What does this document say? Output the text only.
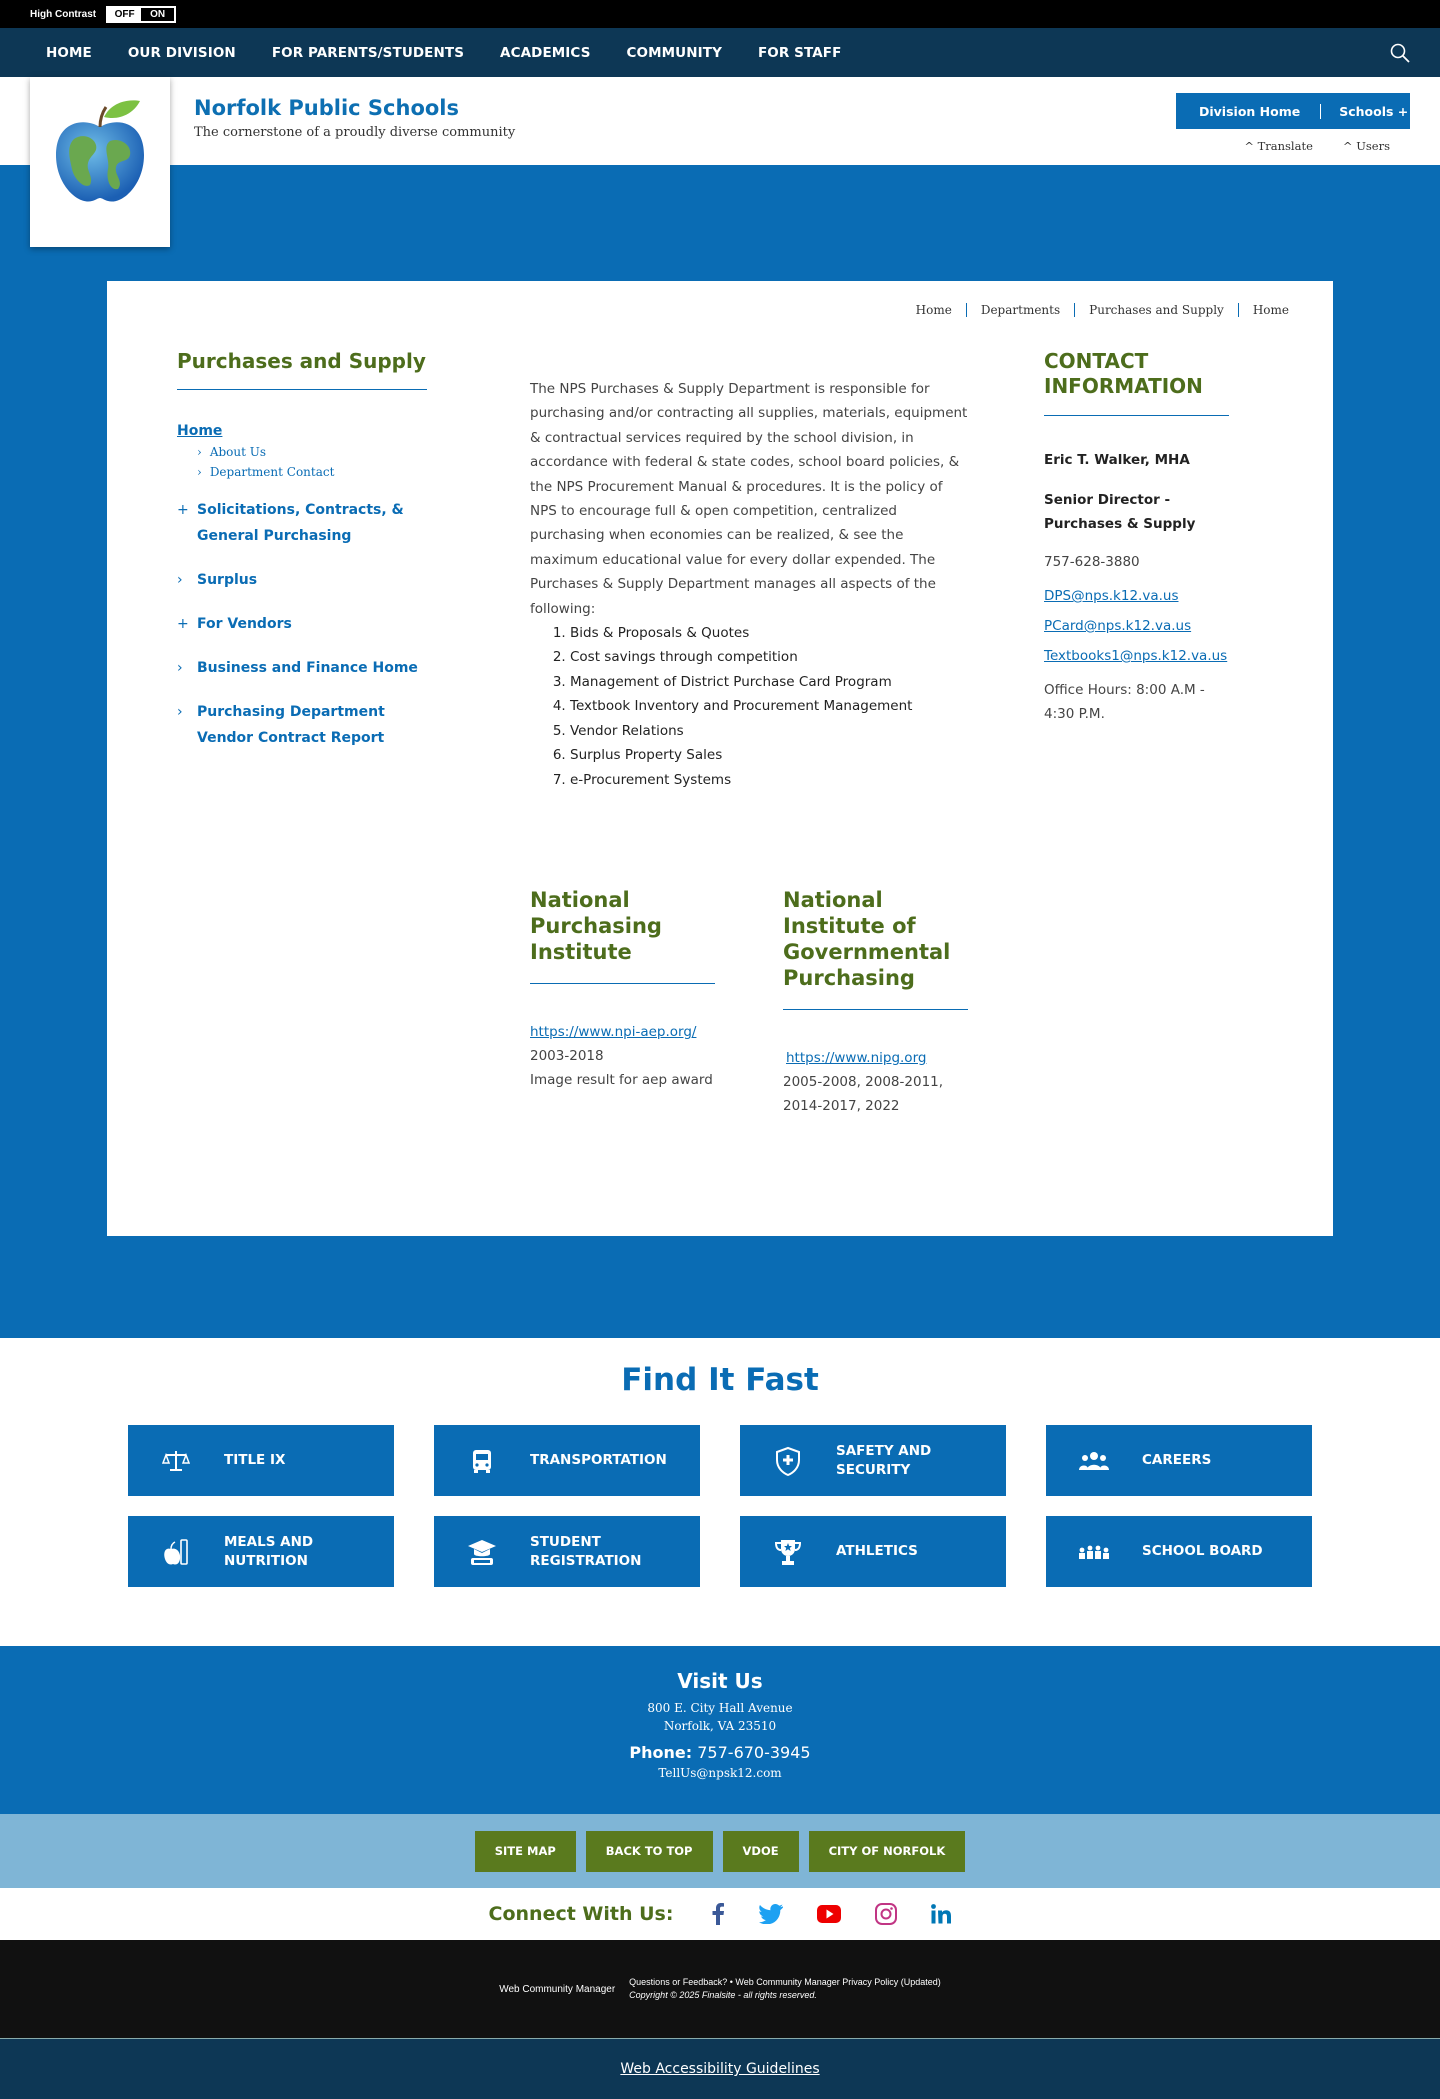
High Contrast	OFF	ON
HOME	OUR DIVISION	FOR PARENTS/STUDENTS	ACADEMICS	COMMUNITY	FOR STAFF
Norfolk Public Schools
The cornerstone of a proudly diverse community
Division Home	Schools +
^ Translate	^ Users
Home	Departments	Purchases and Supply	Home
Purchases and Supply
Home
› About Us
› Department Contact
+ Solicitations, Contracts, & General Purchasing
›	Surplus
+ For Vendors
›	Business and Finance Home
›	Purchasing Department Vendor Contract Report

The NPS Purchases & Supply Department is responsible for purchasing and/or contracting all supplies, materials, equipment & contractual services required by the school division, in accordance with federal & state codes, school board policies, & the NPS Procurement Manual & procedures. It is the policy of NPS to encourage full & open competition, centralized purchasing when economies can be realized, & see the maximum educational value for every dollar expended. The Purchases & Supply Department manages all aspects of the following:

1. Bids & Proposals & Quotes
2. Cost savings through competition
3. Management of District Purchase Card Program
4. Textbook Inventory and Procurement Management
5. Vendor Relations
6. Surplus Property Sales
7. e-Procurement Systems
CONTACT INFORMATION
Eric T. Walker, MHA
Senior Director - Purchases & Supply
757-628-3880
DPS@nps.k12.va.us
PCard@nps.k12.va.us
Textbooks1@nps.k12.va.us
Office Hours: 8:00 A.M - 4:30 P.M.
National Purchasing Institute
https://www.npi-aep.org/
2003-2018
Image result for aep award
National Institute of Governmental Purchasing
https://www.nipg.org
2005-2008, 2008-2011, 2014-2017, 2022
Find It Fast
TITLE IX	TRANSPORTATION
SAFETY AND SECURITY
CAREERS
MEALS AND NUTRITION
STUDENT REGISTRATION
ATHLETICS	SCHOOL BOARD
Visit Us
800 E. City Hall Avenue
Norfolk, VA 23510
Phone: 757-670-3945
TellUs@npsk12.com
SITE MAP	BACK TO TOP	VDOE	CITY OF NORFOLK
Connect With Us:
Web Community Manager
Questions or Feedback? • Web Community Manager Privacy Policy (Updated)
Copyright © 2025 Finalsite - all rights reserved.
Web Accessibility Guidelines
